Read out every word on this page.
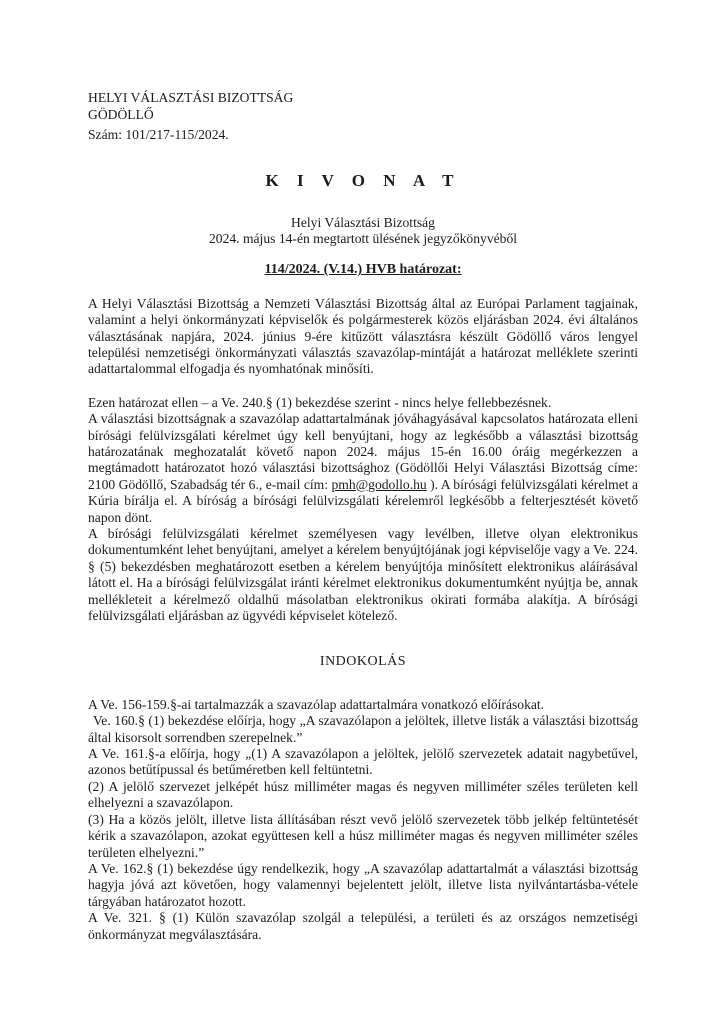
HELYI VÁLASZTÁSI BIZOTTSÁG
GÖDÖLLŐ
Szám: 101/217-115/2024.
K I V O N A T
Helyi Választási Bizottság
2024. május 14-én megtartott ülésének jegyzőkönyvéből
114/2024. (V.14.) HVB határozat:

A Helyi Választási Bizottság a Nemzeti Választási Bizottság által az Európai Parlament tagjainak, valamint a helyi önkormányzati képviselők és polgármesterek közös eljárásban 2024. évi általános választásának napjára, 2024. június 9-ére kitűzött választásra készült Gödöllő város lengyel települési nemzetiségi önkormányzati választás szavazólap-mintáját a határozat melléklete szerinti adattartalommal elfogadja és nyomhatónak minősíti.

Ezen határozat ellen – a Ve. 240.§ (1) bekezdése szerint - nincs helye fellebbezésnek.

A választási bizottságnak a szavazólap adattartalmának jóváhagyásával kapcsolatos határozata elleni bírósági felülvizsgálati kérelmet úgy kell benyújtani, hogy az legkésőbb a választási bizottság határozatának meghozatalát követő napon 2024. május 15-én 16.00 óráig megérkezzen a megtámadott határozatot hozó választási bizottsághoz (Gödöllői Helyi Választási Bizottság címe: 2100 Gödöllő, Szabadság tér 6., e-mail cím: pmh@godollo.hu ). A bírósági felülvizsgálati kérelmet a Kúria bírálja el. A bíróság a bírósági felülvizsgálati kérelemről legkésőbb a felterjesztését követő napon dönt.

A bírósági felülvizsgálati kérelmet személyesen vagy levélben, illetve olyan elektronikus dokumentumként lehet benyújtani, amelyet a kérelem benyújtójának jogi képviselője vagy a Ve. 224. § (5) bekezdésben meghatározott esetben a kérelem benyújtója minősített elektronikus aláírásával látott el. Ha a bírósági felülvizsgálat iránti kérelmet elektronikus dokumentumként nyújtja be, annak mellékleteit a kérelmező oldalhű másolatban elektronikus okirati formába alakítja. A bírósági felülvizsgálati eljárásban az ügyvédi képviselet kötelező.

INDOKOLÁS

A Ve. 156-159.§-ai tartalmazzák a szavazólap adattartalmára vonatkozó előírásokat.

Ve. 160.§ (1) bekezdése előírja, hogy „A szavazólapon a jelöltek, illetve listák a választási bizottság által kisorsolt sorrendben szerepelnek.”

A Ve. 161.§-a előírja, hogy „(1) A szavazólapon a jelöltek, jelölő szervezetek adatait nagybetűvel, azonos betűtípussal és betűméretben kell feltüntetni.

(2) A jelölő szervezet jelképét húsz milliméter magas és negyven milliméter széles területen kell elhelyezni a szavazólapon.

(3) Ha a közös jelölt, illetve lista állításában részt vevő jelölő szervezetek több jelkép feltüntetését kérik a szavazólapon, azokat együttesen kell a húsz milliméter magas és negyven milliméter széles területen elhelyezni.”

A Ve. 162.§ (1) bekezdése úgy rendelkezik, hogy „A szavazólap adattartalmát a választási bizottság hagyja jóvá azt követően, hogy valamennyi bejelentett jelölt, illetve lista nyilvántartásba-vétele tárgyában határozatot hozott.

A Ve. 321. § (1) Külön szavazólap szolgál a települési, a területi és az országos nemzetiségi önkormányzat megválasztására.
